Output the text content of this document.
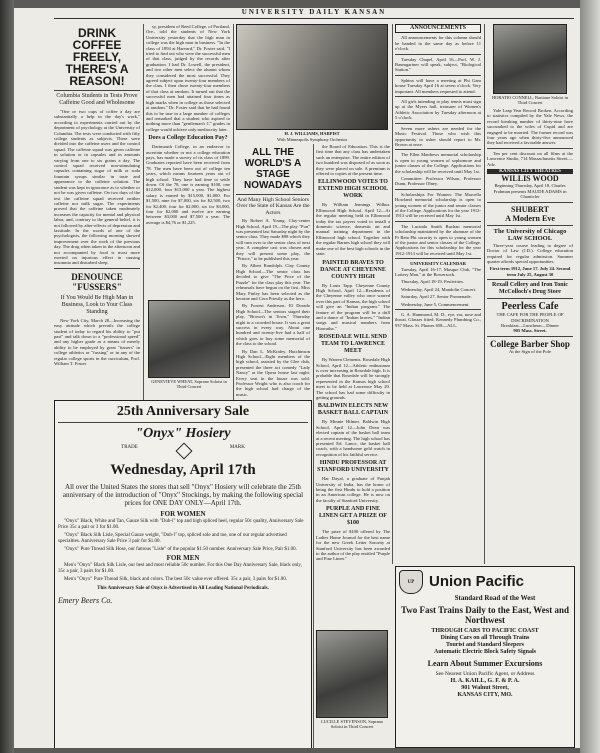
UNIVERSITY DAILY KANSAN
DRINK COFFEE FREELY, THERE'S A REASON!
Columbia Students in Tests Prove Caffeine Good and Wholesome

"One or two cups of coffee a day are substantially a help in the day's work," according to experiments carried out by the department of psychology at the University of Columbia. The tests were conducted with fifty college students as subjects. These were divided into the caffeine users and the control squad. The caffeine squad was given caffeine in solution or in capsules and in amounts varying from one to six grains a day. The control squad received non-stimulating capsules containing sugar of milk or soda fountain syrups similar in taste and appearance to the caffeine solution. The student was kept in ignorance as to whether or not he was given caffeine. On two days of the test the caffeine squad received neither caffeine nor milk sugar. The experiments proved that the caffeine taken moderately increases the capacity for mental and physical labor, and, contrary to the general belief, it is not followed by after-effects of depression and lassitude. In the words of one of the psychologists, the following morning showed improvement over the work of the previous day. The drug when taken in the afternoon and not accompanied by food is most more exerted on injurious effect in causing insomnia and disturbed sleep.

DENOUNCE "FUSSERS"
If You Would Be High Man in Business, Look to Your Class Standing

New York City, March 28—Increasing the easy attitude which prevails the college student of today to regard his ability to "put past" and talk down to a "professional speed" and any higher grade as a means of merely ability to be employed by great "fussers" in college athletics or "fussing" or in any of the regular college sports in the curriculum, Prof. William T. Foster

sy, president of Reed College, of Portland, Ore., told the students of New York University yesterday that the high man in college was the high man in business. "In the class of 1894 at Harvard," Dr. Foster said, "I tried to find out who were the successful men of that class, judged by the records after graduation. I had Dr. Lowell, the president, and two other men select the alumni whom they considered the most successful. They agreed subject upon twenty-four members of the class. I then chose twenty-four members of that class at random. It turned out that the successful men had attained four times as high marks when in college as those selected at random." Dr. Foster said that he had found this to be true in a large number of colleges and remarked that a student who aspired to nothing more than "gentleman's C" grades in college would achieve only mediocrity later.

Does a College Education Pay?

Dartmouth College, in an endeavor to ascertain whether or not a college education pays, has made a survey of its class of 1899. Graduates reported have been received from 78. The men have been out of college ten years, which means fourteen years out of high school. They have had time to settle down. Of the 78, one is earning $100, one $12,000, four $15,000 a year. The highest salary is earned by $15,000, $1,000. For $1,500, nine for $7,000, six for $2,500, two for $2,400, four for $2,000, six for $3,000, four for $2,000 and twelve are earning between $3,000 and $7,500 a year. The average is $4,76 or $1,225.

GENEVIEVE WHEAT, Soprano Soloist in Third Concert
H. J. WILLIAMS, HARPIST
With Minneapolis Symphony Orchestra
ALL THE WORLD'S A STAGE NOWADAYS
And Many High School Seniors Over the State of Kansas Are the Actors

By Robert A. Young. Clay-center High School, April 19—The play "Fun" was presented last Saturday night by the senior class. They made $98 which they will turn over to the senior class of next year. A complete cast was chosen and they will present some play, the "Prince," to be published this year.

By Albert Randolph. Clay County High School—The senior class has decided to give "The Price of the Puzzle" for the class play this year. The rehearsals have begun on the first. Miss Mary Finley has been selected as the heroine and Cora Priestly as the hero.

By Forrest Anderson. El Dorado High School—The seniors staged their play, "Brown's in Town," Thursday night to a crowded house. It was a great success in every way. About one hundred and twenty-five had a half of which goes to buy some memorial of the class to the school.

By Dan L. McKinley. Hutchinson High School—Eight members of the high school, assisted by the Glee club, presented the three act comedy "Lady Nancy" at the Opera house last night. Every seat in the house was sold. Professor Wright who is also coach for the high school had charge of the music.

the Board of Education. This is the first time that any class has undertaken such an enterprise. The entire edition of two hundred was disposed of as soon as they were placed on sale. A premium is offered to copies at the present time.

ELLINWOOD VOTES TO EXTEND HIGH SCHOOL WORK

By William Jennings Wilbur. Ellinwood High School, April 12—At the regular meeting held in Ellinwood today the tax payers voted to install a domestic science, domestic art and manual training department in the Ellinwood high school. Together with the regular Barnes high school they will make one of the best high schools in the state.

PAINTED BRAVES TO DANCE AT CHEYENNE COUNTY HIGH

By Louis Tapp. Cheyenne County High School, April 12—Residents of the Cheyenne valley who once warred over this part of Kansas, the high school will give an "Indian program." The feature of the program will be a drill and a dance of "Indian braves," "Indian songs and musical numbers from Hiawatha."

ROSEDALE WILL SEND TEAM TO LAWRENCE MEET

By Warren Clements. Rosedale High School, April 12—Athletic enthusiasm is over increasing in Rosedale high. It is probable that Rosedale will be strongly represented in the Kansas high school meet to be held at Lawrence May 20. The school has had some difficulty in getting grounds.

BALDWIN ELECTS NEW BASKET BALL CAPTAIN

By Minnie Hilmer. Baldwin High School, April 12—John Dean was elected captain of the basket ball team at a recent meeting. The high school has presented Ed. Lance, the basket ball coach, with a handsome gold watch in recognition of his faithful service.

HINDU PROFESSOR AT STANFORD UNIVERSITY

Har Dayal, a graduate of Punjab University of India, has the honor of being the first Hindu to hold a position in an American college. He is now on the faculty of Stanford University.

PURPLE AND FINE LINEN GET A PRIZE OF $100

The prize of $100 offered by The Ladies Home Journal for the best name for the new Greek Letter Sorority at Stanford University has been awarded to the author of the play entitled "Purple and Fine Linen."

LUCILLE STEVENSON, Soprano Soloist in Third Concert
25th Anniversary Sale
"Onyx" Hosiery
TRADE	MARK
Wednesday, April 17th
All over the United States the stores that sell "Onyx" Hosiery will celebrate the 25th anniversary of the introduction of "Onyx" Stockings, by making the following special prices for ONE DAY ONLY—April 17th.
FOR WOMEN

"Onyx" Black, White and Tan, Gauze Silk with "Dub-l" top and high spliced heel, regular 50c quality, Anniversary Sale Price 35c a pair or 3 for $1.00.

"Onyx" Black Silk Lisle, Special Gauze weight, "Dub-l" top, spliced sole and toe, one of our regular advertised specialties. Anniversary Sale Price 3 pair for $1.00.

"Onyx" Pure Thread Silk Hose, our famous "Lisle" of the popular $1.50 number. Anniversary Sale Price, Pair $1.00.

FOR MEN

Men's "Onyx" Black Silk Lisle, our best and most reliable 50c number. For this One Day Anniversary Sale, black only, 35c a pair, 3 pairs for $1.00.

Men's "Onyx" Pure Thread Silk, black and colors. The best 50c value ever offered. 35c a pair, 3 pairs for $1.00.

This Anniversary Sale of Onyx is Advertised in All Leading National Periodicals.
Emery Beers Co.
ANNOUNCEMENTS

All announcements for this column should be handed in the same day as before 11 o'clock.

Tuesday Chapel, April 16—Prof. W. J. Baumgartner will speak, subject, "Biological Station."

Sphinx will have a meeting at Phi Gam house Tuesday April 16 at seven o'clock. Very important. All members requested to attend.

All girls intending to play tennis must sign up at the Myers hall, treasurer of Women's Athletic Association by Tuesday afternoon at 5 o'clock.

Seven more ushers are needed for the Music Festival. Those who wish this opportunity to usher should report to Mr. Brown at once.

The Ellen Matthews memorial scholarship is open to young women of sophomore and junior classes of the College. Applications for the scholarship will be received until May 1st.

Committee: Professor Wilson, Professor Dunn, Professor Olney.

Scholarships For Women: The Marcella Howland memorial scholarship is open to young women of the junior and senior classes of the College. Applications for the year 1912-1913 will be received until May 1st.

The Lucinda Smith Buchan memorial scholarship maintained by the alumnae of the Pi Beta Phi sorority is open to young women of the junior and senior classes of the College. Applications for this scholarship for the year 1912-1913 will be received until May 1st.

UNIVERSITY CALENDAR

Tuesday, April 16-17, Masque Club, "The Lottery Man," at the Bowersock.

Thursday, April 18-19, Festivities.

Wednesday, April 24, Mandolin Concert.

Saturday, April 27, Senior Promenade.

Wednesday, June 5, Commencement.

G. A. Hammond, M. D., eye, ear, nose and throat. Glasses fitted. Kennedy Plumbing Co., 937 Mass. St. Phones 658—ALL.

HORATIO CONNELL, Baritone Soloist in Third Concert

Yale Leap Year Record Broken. According to statistics compiled by the Yale News, the record breaking number of thirty-nine have succumbed to the wiles of Cupid and are engaged to be married. The former record was four years ago when thirty-five announced they had received a favorable answer.

Ten per cent discount on all films at the Lawrence Studio, 714 Massachusetts Street.—Adv.

KANSAS CITY THEATRES
WILLIS WOOD
Beginning Thursday, April 18, Charles Frohman presents MAUDE ADAMS in Chanticler
SHUBERT
A Modern Eve
The University of Chicago LAW SCHOOL

Three-year course leading to degree of Doctor of Law (J.D.). College education required for regular admission. Summer quarter affords special opportunities.

First term 1912, June 17. July 24. Second term July 25, August 30
Rexall Cellery and Iron Tonic
McColloch's Drug Store
Peerless Cafe
THE CAFE FOR THE PEOPLE OF DISCRIMINATION
Breakfast—Luncheon—Dinner
905 Mass. Street.
College Barber Shop
At the Sign of the Pole
UP Union Pacific
Standard Road of the West
Two Fast Trains Daily to the East, West and Northwest
THROUGH CARS TO PACIFIC COAST
Dining Cars on all Through Trains
Tourist and Standard Sleepers
Automatic Electric Block Safety Signals
Learn About Summer Excursions
See Nearest Union Pacific Agent, or Address
H. A. KAILL, G. F. & P. A.
901 Walnut Street,
KANSAS CITY, MO.
